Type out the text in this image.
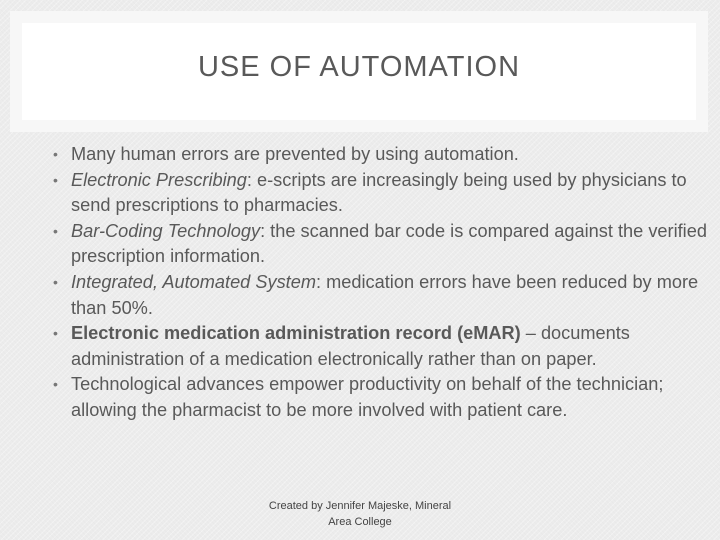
USE OF AUTOMATION
• Many human errors are prevented by using automation.
• Electronic Prescribing: e-scripts are increasingly being used by physicians to send prescriptions to pharmacies.
• Bar-Coding Technology: the scanned bar code is compared against the verified prescription information.
• Integrated, Automated System: medication errors have been reduced by more than 50%.
• Electronic medication administration record (eMAR) – documents administration of a medication electronically rather than on paper.
• Technological advances empower productivity on behalf of the technician; allowing the pharmacist to be more involved with patient care.
Created by Jennifer Majeske, Mineral
Area College
